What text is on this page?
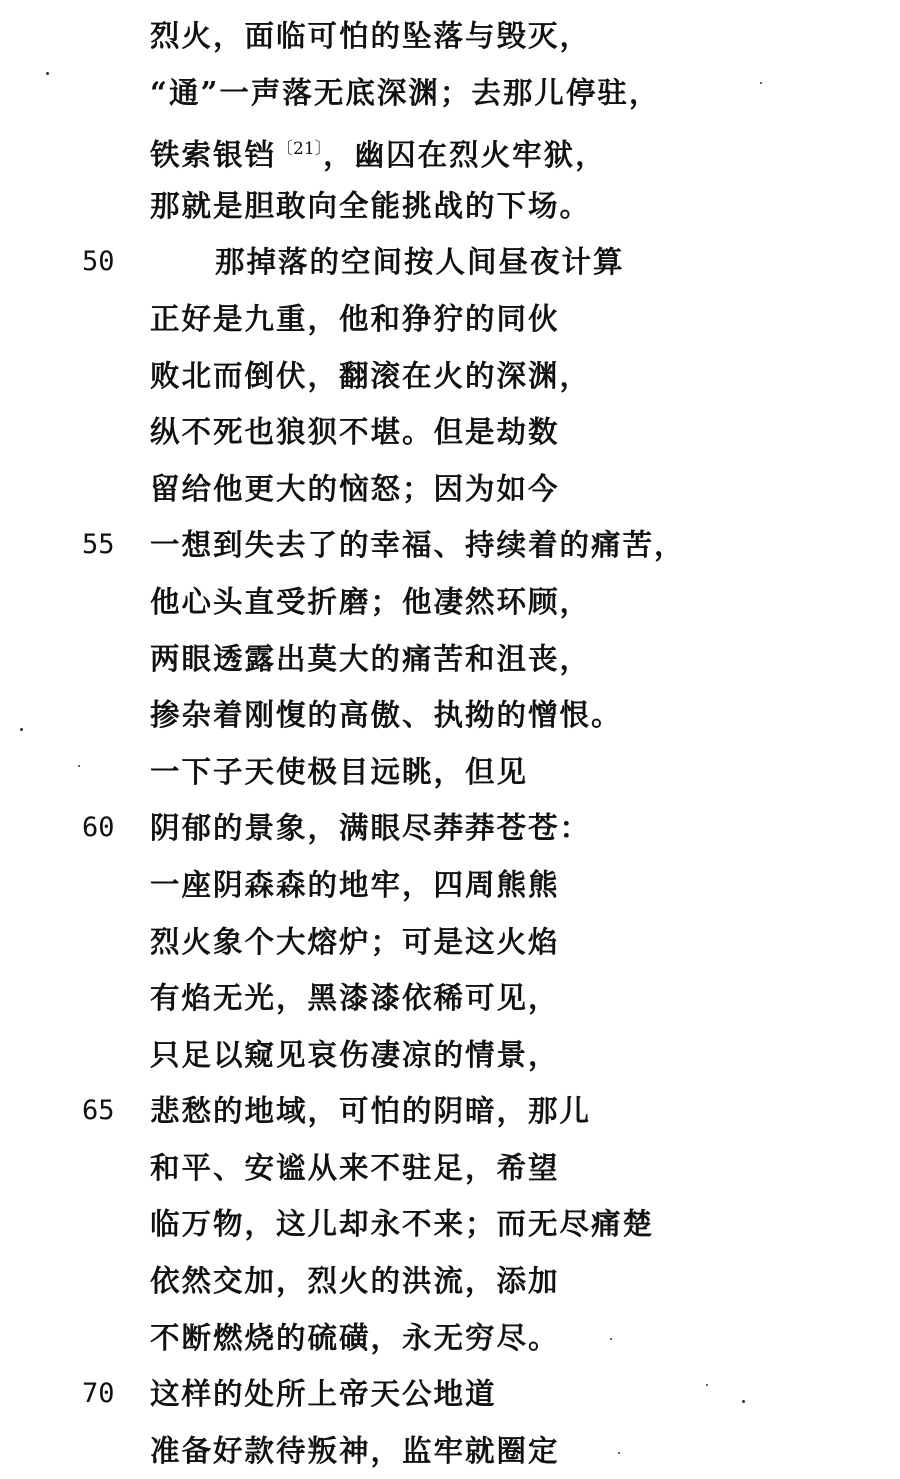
烈火，面临可怕的坠落与毁灭，
“通”一声落无底深渊；去那儿停驻，
铁索银铛$^{〔21〕}$，幽囚在烈火牢狱，
那就是胆敢向全能挑战的下场。
50	那掉落的空间按人间昼夜计算
正好是九重，他和狰狞的同伙
败北而倒伏，翻滚在火的深渊，
纵不死也狼狈不堪。但是劫数
留给他更大的恼怒；因为如今
55 一想到失去了的幸福、持续着的痛苦，
他心头直受折磨；他凄然环顾，
两眼透露出莫大的痛苦和沮丧，
掺杂着刚愎的高傲、执拗的憎恨。
一下子天使极目远眺，但见
60 阴郁的景象，满眼尽莽莽苍苍：
一座阴森森的地牢，四周熊熊
烈火象个大熔炉；可是这火焰
有焰无光，黑漆漆依稀可见，
只足以窥见哀伤凄凉的情景，
65 悲愁的地域，可怕的阴暗，那儿
和平、安谧从来不驻足，希望
临万物，这儿却永不来；而无尽痛楚
依然交加，烈火的洪流，添加
不断燃烧的硫磺，永无穷尽。
70 这样的处所上帝天公地道
准备好款待叛神，监牢就圈定
